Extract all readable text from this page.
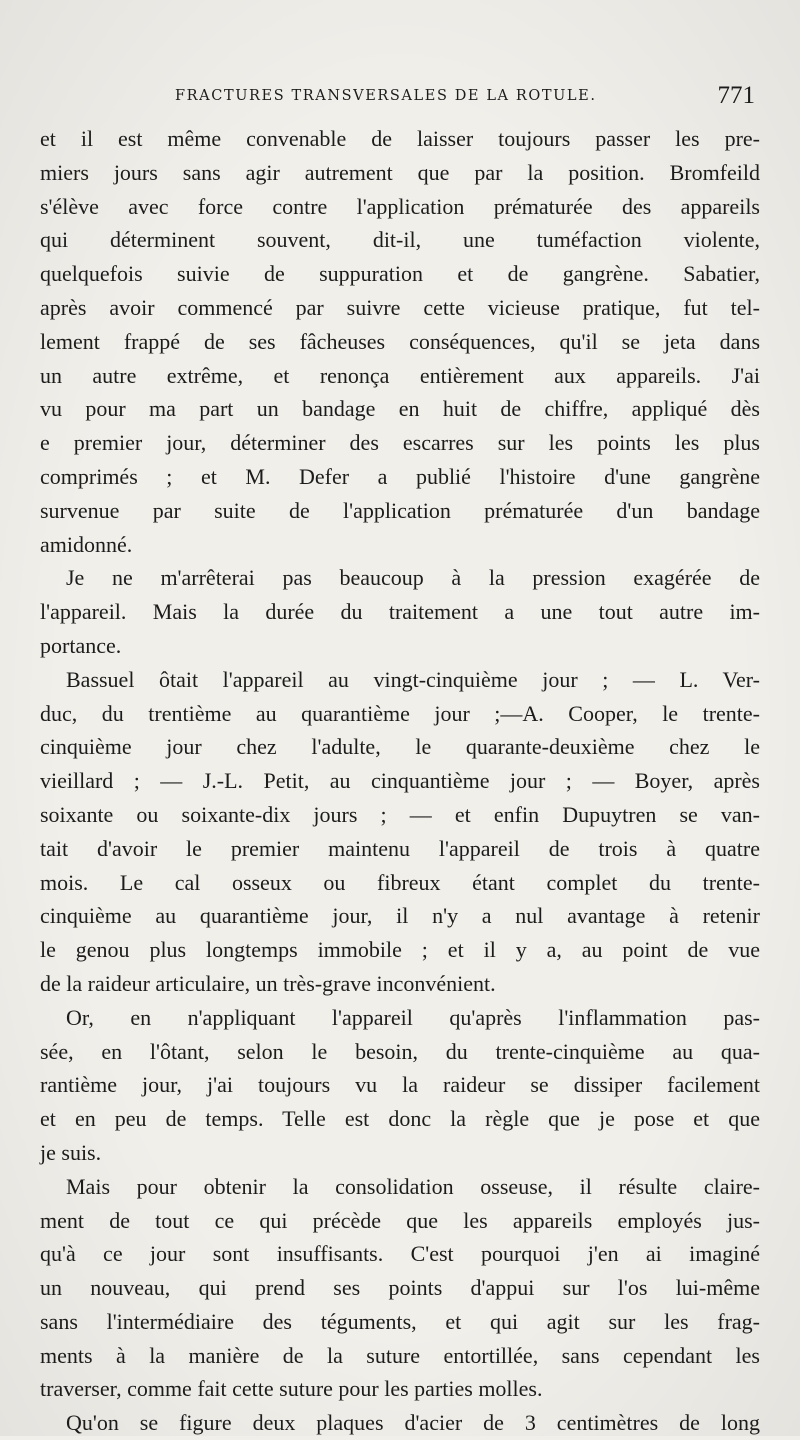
FRACTURES TRANSVERSALES DE LA ROTULE.	771

et il est même convenable de laisser toujours passer les pre-
miers jours sans agir autrement que par la position. Bromfeild
s'élève avec force contre l'application prématurée des appareils
qui déterminent souvent, dit-il, une tuméfaction violente,
quelquefois suivie de suppuration et de gangrène. Sabatier,
après avoir commencé par suivre cette vicieuse pratique, fut tel-
lement frappé de ses fâcheuses conséquences, qu'il se jeta dans
un autre extrême, et renonça entièrement aux appareils. J'ai
vu pour ma part un bandage en huit de chiffre, appliqué dès
e premier jour, déterminer des escarres sur les points les plus
comprimés ; et M. Defer a publié l'histoire d'une gangrène
survenue par suite de l'application prématurée d'un bandage
amidonné.

Je ne m'arrêterai pas beaucoup à la pression exagérée de
l'appareil. Mais la durée du traitement a une tout autre im-
portance.

Bassuel ôtait l'appareil au vingt-cinquième jour ; — L. Ver-
duc, du trentième au quarantième jour ;—A. Cooper, le trente-
cinquième jour chez l'adulte, le quarante-deuxième chez le
vieillard ; — J.-L. Petit, au cinquantième jour ; — Boyer, après
soixante ou soixante-dix jours ; — et enfin Dupuytren se van-
tait d'avoir le premier maintenu l'appareil de trois à quatre
mois. Le cal osseux ou fibreux étant complet du trente-
cinquième au quarantième jour, il n'y a nul avantage à retenir
le genou plus longtemps immobile ; et il y a, au point de vue
de la raideur articulaire, un très-grave inconvénient.

Or, en n'appliquant l'appareil qu'après l'inflammation pas-
sée, en l'ôtant, selon le besoin, du trente-cinquième au qua-
rantième jour, j'ai toujours vu la raideur se dissiper facilement
et en peu de temps. Telle est donc la règle que je pose et que
je suis.

Mais pour obtenir la consolidation osseuse, il résulte claire-
ment de tout ce qui précède que les appareils employés jus-
qu'à ce jour sont insuffisants. C'est pourquoi j'en ai imaginé
un nouveau, qui prend ses points d'appui sur l'os lui-même
sans l'intermédiaire des téguments, et qui agit sur les frag-
ments à la manière de la suture entortillée, sans cependant les
traverser, comme fait cette suture pour les parties molles.

Qu'on se figure deux plaques d'acier de 3 centimètres de long
